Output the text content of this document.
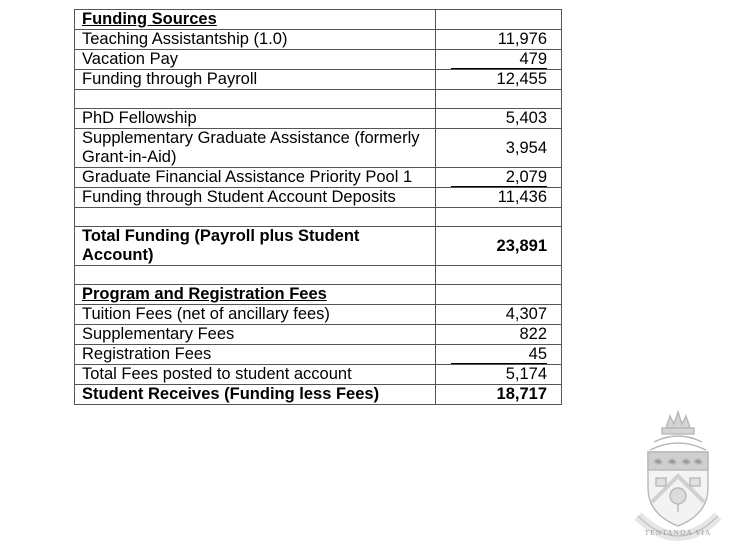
Funding Sources	
Teaching Assistantship (1.0)	11,976
Vacation Pay	479
Funding through Payroll	12,455

PhD Fellowship	5,403
Supplementary Graduate Assistance (formerly Grant-in-Aid)	3,954
Graduate Financial Assistance Priority Pool 1	2,079
Funding through Student Account Deposits	11,436

Total Funding (Payroll plus Student Account)	23,891

Program and Registration Fees	
Tuition Fees (net of ancillary fees)	4,307
Supplementary Fees	822
Registration Fees	45
Total Fees posted to student account	5,174
Student Receives (Funding less Fees)	18,717
TENTANDA VIA
